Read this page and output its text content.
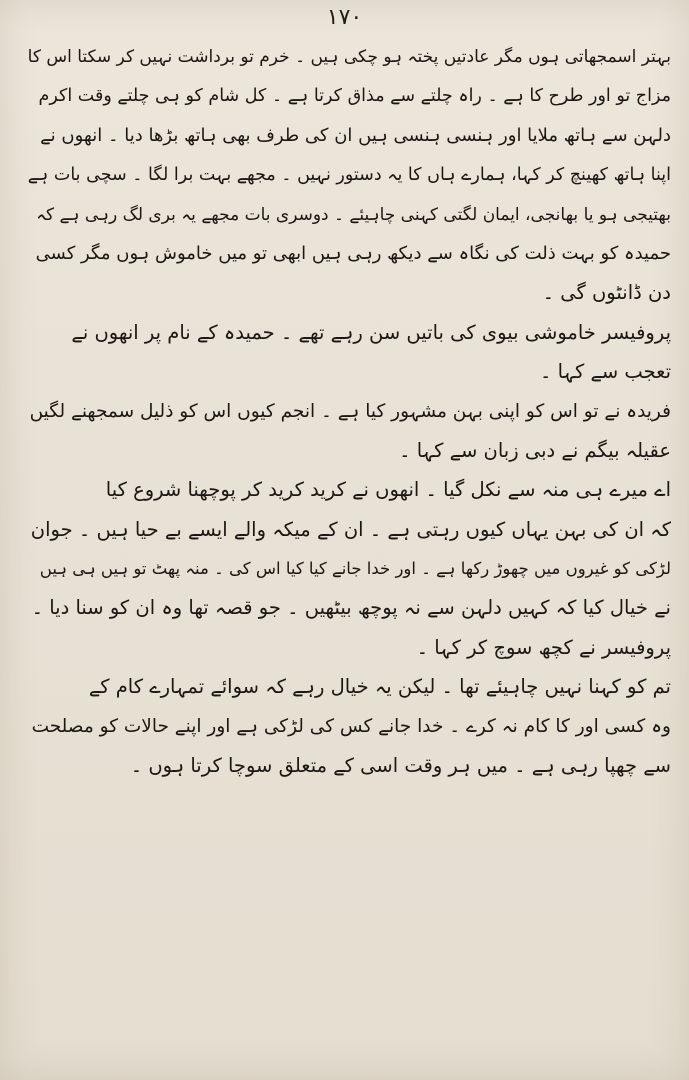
۱۷۰
بہتر اسمجھاتی ہوں مگر عادتیں پختہ ہو چکی ہیں ۔ خرم تو برداشت نہیں کر سکتا اس کا
مزاج تو اور طرح کا ہے ۔ راہ چلتے سے مذاق کرتا ہے ۔ کل شام کو ہی چلتے وقت اکرم
دلہن سے ہاتھ ملایا اور ہنسی ہنسی ہیں ان کی طرف بھی ہاتھ بڑھا دیا ۔ انھوں نے
اپنا ہاتھ کھینچ کر کہا، ہمارے ہاں کا یہ دستور نہیں ۔ مجھے بہت برا لگا ۔ سچی بات ہے
بھتیجی ہو یا بھانجی، ایمان لگتی کہنی چاہیئے ۔ دوسری بات مجھے یہ بری لگ رہی ہے کہ
حمیدہ کو بہت ذلت کی نگاہ سے دیکھ رہی ہیں ابھی تو میں خاموش ہوں مگر کسی
دن ڈانٹوں گی ۔
پروفیسر خاموشی بیوی کی باتیں سن رہے تھے ۔ حمیدہ کے نام پر انھوں نے
تعجب سے کہا ۔
فریدہ نے تو اس کو اپنی بہن مشہور کیا ہے ۔ انجم کیوں اس کو ذلیل سمجھنے لگیں
عقیلہ بیگم نے دبی زبان سے کہا ۔
اے میرے ہی منہ سے نکل گیا ۔ انھوں نے کرید کرید کر پوچھنا شروع کیا
کہ ان کی بہن یہاں کیوں رہتی ہے ۔ ان کے میکہ والے ایسے بے حیا ہیں ۔ جوان
لڑکی کو غیروں میں چھوڑ رکھا ہے ۔ اور خدا جانے کیا کیا اس کی ۔ منہ پھٹ تو ہیں ہی ہیں
نے خیال کیا کہ کہیں دلہن سے نہ پوچھ بیٹھیں ۔ جو قصہ تھا وہ ان کو سنا دیا ۔
پروفیسر نے کچھ سوچ کر کہا ۔
تم کو کہنا نہیں چاہیئے تھا ۔ لیکن یہ خیال رہے کہ سوائے تمہارے کام کے
وہ کسی اور کا کام نہ کرے ۔ خدا جانے کس کی لڑکی ہے اور اپنے حالات کو مصلحت
سے چھپا رہی ہے ۔ میں ہر وقت اسی کے متعلق سوچا کرتا ہوں ۔
